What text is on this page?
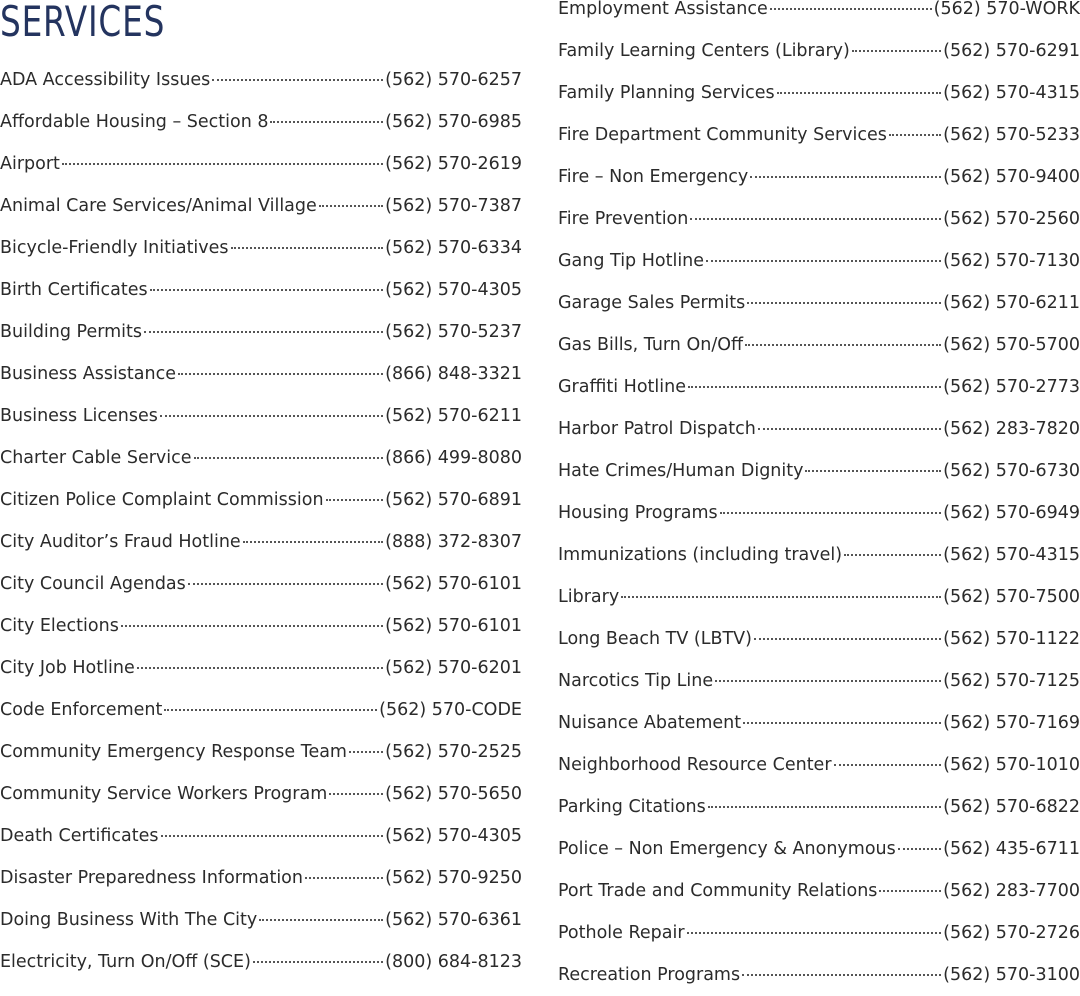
SERVICES
ADA Accessibility Issues	(562) 570-6257
Affordable Housing – Section 8	(562) 570-6985
Airport	(562) 570-2619
Animal Care Services/Animal Village	(562) 570-7387
Bicycle-Friendly Initiatives	(562) 570-6334
Birth Certificates	(562) 570-4305
Building Permits	(562) 570-5237
Business Assistance	(866) 848-3321
Business Licenses	(562) 570-6211
Charter Cable Service	(866) 499-8080
Citizen Police Complaint Commission	(562) 570-6891
City Auditor’s Fraud Hotline	(888) 372-8307
City Council Agendas	(562) 570-6101
City Elections	(562) 570-6101
City Job Hotline	(562) 570-6201
Code Enforcement	(562) 570-CODE
Community Emergency Response Team (562) 570-2525
Community Service Workers Program	(562) 570-5650
Death Certificates	(562) 570-4305
Disaster Preparedness Information	(562) 570-9250
Doing Business With The City	(562) 570-6361
Electricity, Turn On/Off (SCE)	(800) 684-8123
Employment Assistance	(562) 570-WORK
Family Learning Centers (Library)	(562) 570-6291
Family Planning Services	(562) 570-4315
Fire Department Community Services	(562) 570-5233
Fire – Non Emergency	(562) 570-9400
Fire Prevention	(562) 570-2560
Gang Tip Hotline	(562) 570-7130
Garage Sales Permits	(562) 570-6211
Gas Bills, Turn On/Off	(562) 570-5700
Graffiti Hotline	(562) 570-2773
Harbor Patrol Dispatch	(562) 283-7820
Hate Crimes/Human Dignity	(562) 570-6730
Housing Programs	(562) 570-6949
Immunizations (including travel)	(562) 570-4315
Library	(562) 570-7500
Long Beach TV (LBTV)	(562) 570-1122
Narcotics Tip Line	(562) 570-7125
Nuisance Abatement	(562) 570-7169
Neighborhood Resource Center	(562) 570-1010
Parking Citations	(562) 570-6822
Police – Non Emergency & Anonymous	(562) 435-6711
Port Trade and Community Relations	(562) 283-7700
Pothole Repair	(562) 570-2726
Recreation Programs	(562) 570-3100
